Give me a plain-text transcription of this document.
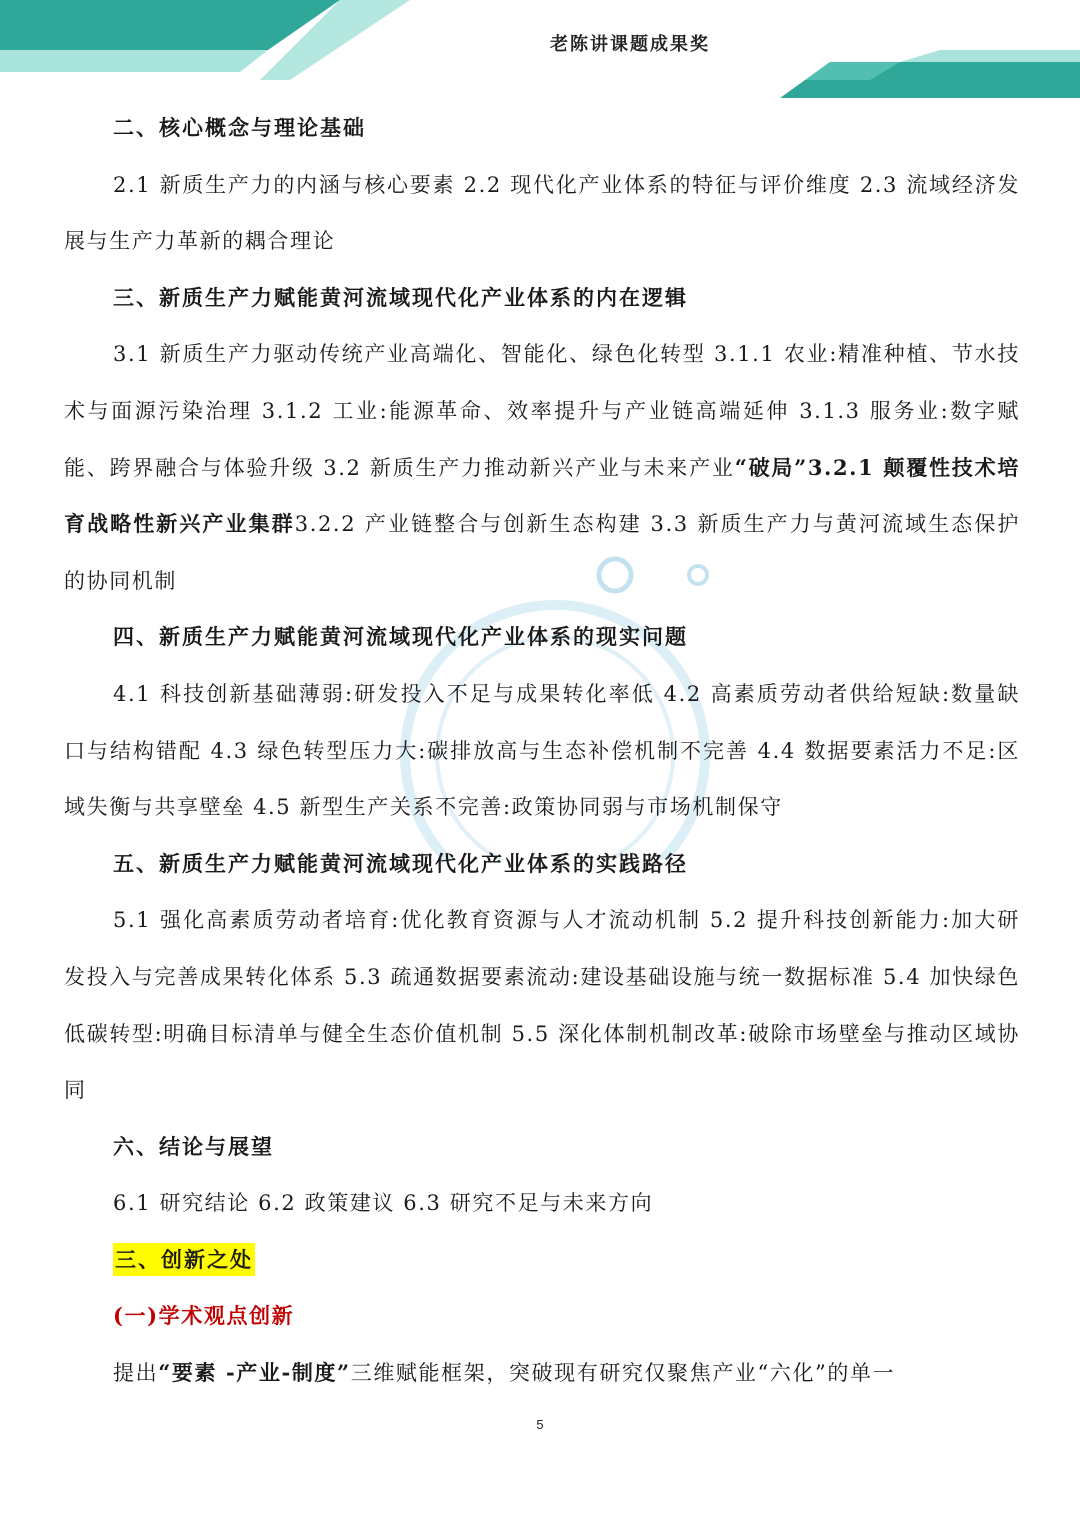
老陈讲课题成果奖

二、核心概念与理论基础

2.1 新质生产力的内涵与核心要素 2.2 现代化产业体系的特征与评价维度 2.3 流域经济发展与生产力革新的耦合理论

三、新质生产力赋能黄河流域现代化产业体系的内在逻辑

3.1 新质生产力驱动传统产业高端化、智能化、绿色化转型 3.1.1 农业:精准种植、节水技术与面源污染治理 3.1.2 工业:能源革命、效率提升与产业链高端延伸 3.1.3 服务业:数字赋能、跨界融合与体验升级 3.2 新质生产力推动新兴产业与未来产业“破局”3.2.1 颠覆性技术培育战略性新兴产业集群3.2.2 产业链整合与创新生态构建 3.3 新质生产力与黄河流域生态保护的协同机制

四、新质生产力赋能黄河流域现代化产业体系的现实问题

4.1 科技创新基础薄弱:研发投入不足与成果转化率低 4.2 高素质劳动者供给短缺:数量缺口与结构错配 4.3 绿色转型压力大:碳排放高与生态补偿机制不完善 4.4 数据要素活力不足:区域失衡与共享壁垒 4.5 新型生产关系不完善:政策协同弱与市场机制保守

五、新质生产力赋能黄河流域现代化产业体系的实践路径

5.1 强化高素质劳动者培育:优化教育资源与人才流动机制 5.2 提升科技创新能力:加大研发投入与完善成果转化体系 5.3 疏通数据要素流动:建设基础设施与统一数据标准 5.4 加快绿色低碳转型:明确目标清单与健全生态价值机制 5.5 深化体制机制改革:破除市场壁垒与推动区域协同

六、结论与展望

6.1 研究结论 6.2 政策建议 6.3 研究不足与未来方向

三、创新之处

(一)学术观点创新

提出“要素 -产业-制度”三维赋能框架，突破现有研究仅聚焦产业“六化”的单一

5
